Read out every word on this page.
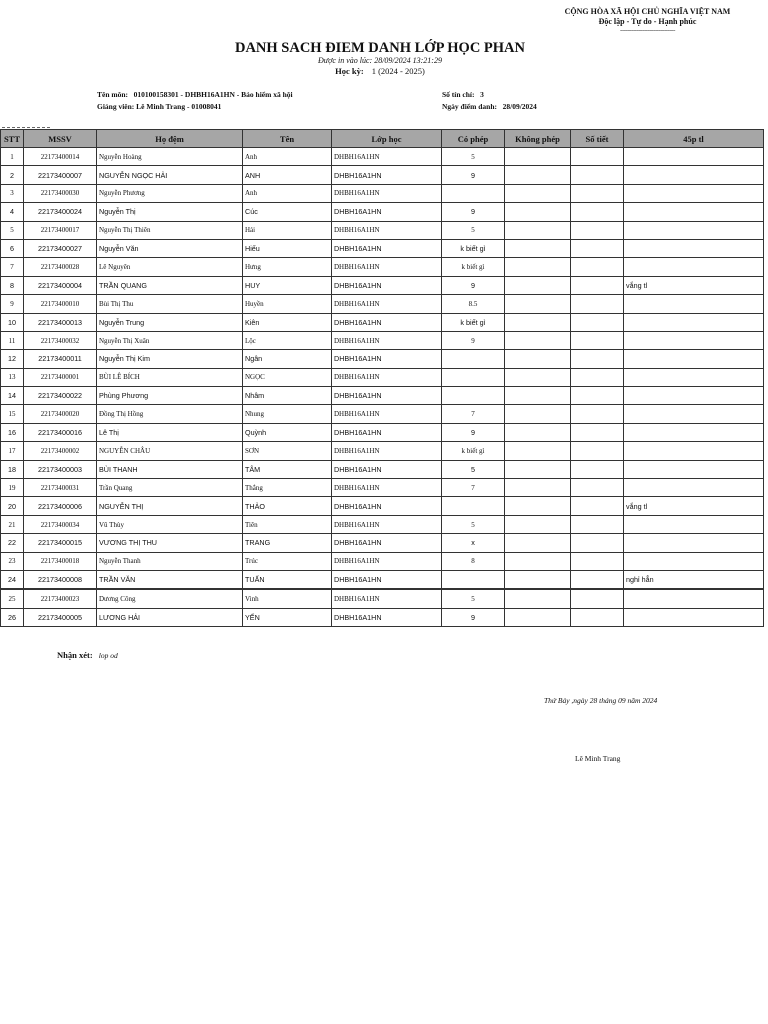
CỘNG HÒA XÃ HỘI CHỦ NGHĨA VIỆT NAM
Độc lập - Tự do - Hạnh phúc
------------------------------
DANH SACH ĐIEM DANH LỚP HỌC PHAN
Được in vào lúc: 28/09/2024 13:21:29
Học kỳ: 1 (2024 - 2025)
Tên môn: 010100158301 - DHBH16A1HN - Bảo hiểm xã hội
Giảng viên: Lê Minh Trang - 01008041
Số tín chỉ: 3
Ngày điểm danh: 28/09/2024
STT	MSSV	Họ đệm	Tên	Lớp học	Có phép	Không phép	Số tiết	45p tl
1	22173400014	Nguyễn Hoàng	Anh	DHBH16A1HN	5			
2	22173400007	NGUYỄN NGỌC HẢI	ANH	DHBH16A1HN	9			
3	22173400030	Nguyễn Phương	Anh	DHBH16A1HN				
4	22173400024	Nguyễn Thị	Cúc	DHBH16A1HN	9			
5	22173400017	Nguyễn Thị Thiên	Hải	DHBH16A1HN	5			
6	22173400027	Nguyễn Văn	Hiếu	DHBH16A1HN	k biết gì			
7	22173400028	Lê Nguyên	Hưng	DHBH16A1HN	k biết gì			
8	22173400004	TRẦN QUANG	HUY	DHBH16A1HN	9			vắng tl
9	22173400010	Bùi Thị Thu	Huyền	DHBH16A1HN	8.5			
10	22173400013	Nguyễn Trung	Kiên	DHBH16A1HN	k biết gì			
11	22173400032	Nguyễn Thị Xuân	Lộc	DHBH16A1HN	9			
12	22173400011	Nguyễn Thị Kim	Ngân	DHBH16A1HN				
13	22173400001	BÙI LÊ BÍCH	NGỌC	DHBH16A1HN				
14	22173400022	Phùng Phương	Nhâm	DHBH16A1HN				
15	22173400020	Đồng Thị Hồng	Nhung	DHBH16A1HN	7			
16	22173400016	Lê Thị	Quỳnh	DHBH16A1HN	9			
17	22173400002	NGUYỄN CHÂU	SƠN	DHBH16A1HN	k biết gì			
18	22173400003	BÙI THANH	TÂM	DHBH16A1HN	5			
19	22173400031	Trần Quang	Thắng	DHBH16A1HN	7			
20	22173400006	NGUYỄN THỊ	THẢO	DHBH16A1HN				vắng tl
21	22173400034	Vũ Thùy	Tiên	DHBH16A1HN	5			
22	22173400015	VƯƠNG THỊ THU	TRANG	DHBH16A1HN	x			
23	22173400018	Nguyễn Thanh	Trúc	DHBH16A1HN	8			
24	22173400008	TRẦN VĂN	TUẤN	DHBH16A1HN				nghỉ hẳn
25	22173400023	Dương Công	Vinh	DHBH16A1HN	5			
26	22173400005	LƯƠNG HẢI	YẾN	DHBH16A1HN	9			
Nhận xét: lop od
Thứ Bảy ,ngày 28 tháng 09 năm 2024
Lê Minh Trang
